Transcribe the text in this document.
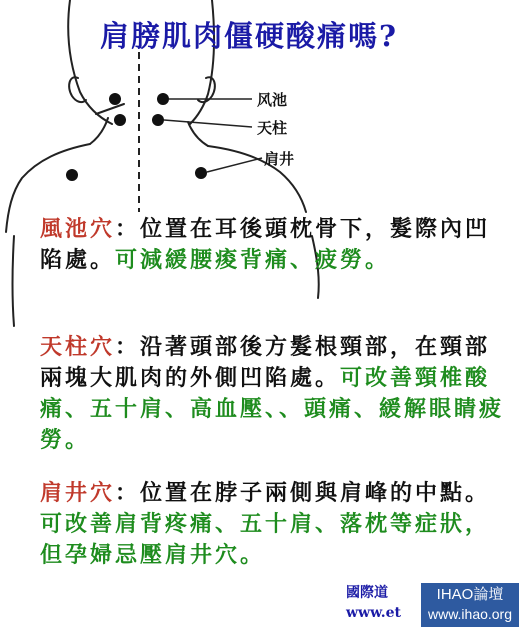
肩膀肌肉僵硬酸痛嗎?
风池
天柱
肩井
風池穴：位置在耳後頭枕骨下，髮際內凹陷處。可減緩腰痠背痛、疲勞。
天柱穴：沿著頭部後方髮根頸部，在頸部兩塊大肌肉的外側凹陷處。可改善頸椎酸痛、五十肩、高血壓、、頭痛、緩解眼睛疲勞。
肩井穴：位置在脖子兩側與肩峰的中點。可改善肩背疼痛、五十肩、落枕等症狀，但孕婦忌壓肩井穴。
國際道
www.et
IHAO論壇
www.ihao.org
